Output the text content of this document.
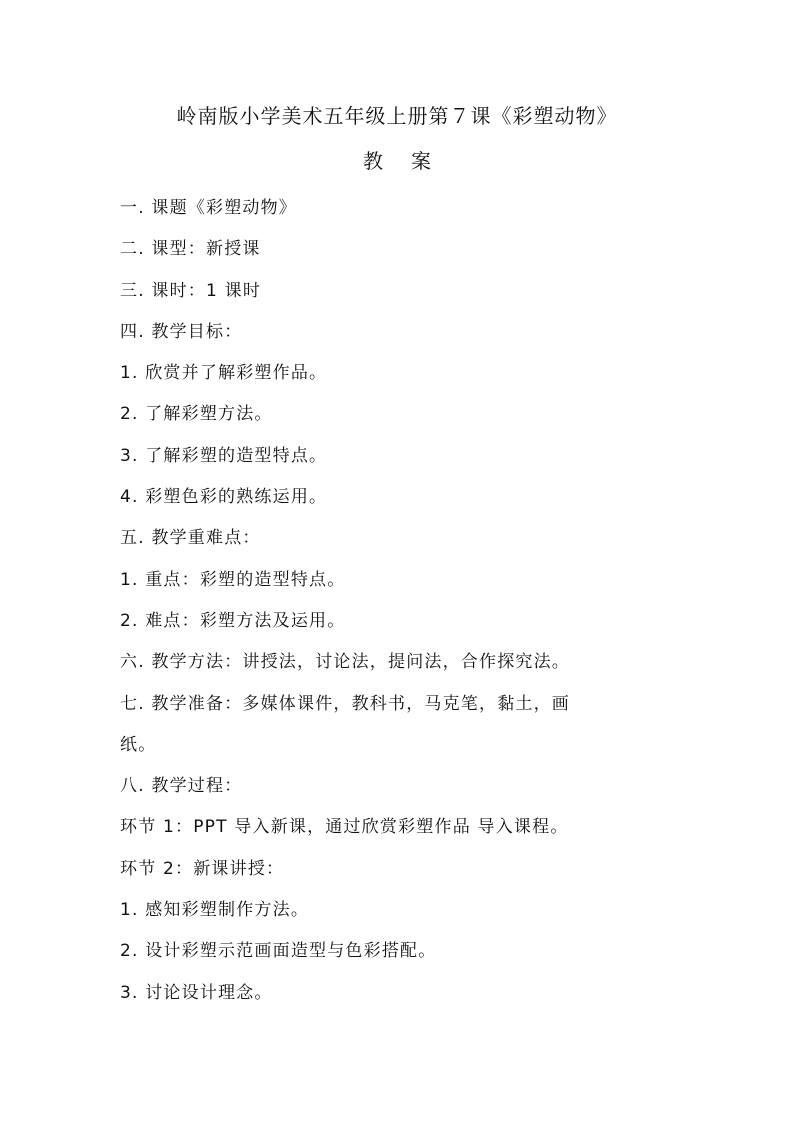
岭南版小学美术五年级上册第７课《彩塑动物》
教案
一. 课题《彩塑动物》
二. 课型：新授课
三. 课时：1 课时
四. 教学目标：
1. 欣赏并了解彩塑作品。
2. 了解彩塑方法。
3. 了解彩塑的造型特点。
4. 彩塑色彩的熟练运用。
五. 教学重难点：
1. 重点：彩塑的造型特点。
2. 难点：彩塑方法及运用。
六. 教学方法：讲授法，讨论法，提问法，合作探究法。
七. 教学准备：多媒体课件，教科书，马克笔，黏土，画
纸。
八. 教学过程：
环节 1：PPT 导入新课，通过欣赏彩塑作品 导入课程。
环节 2：新课讲授：
1. 感知彩塑制作方法。
2. 设计彩塑示范画面造型与色彩搭配。
3. 讨论设计理念。
